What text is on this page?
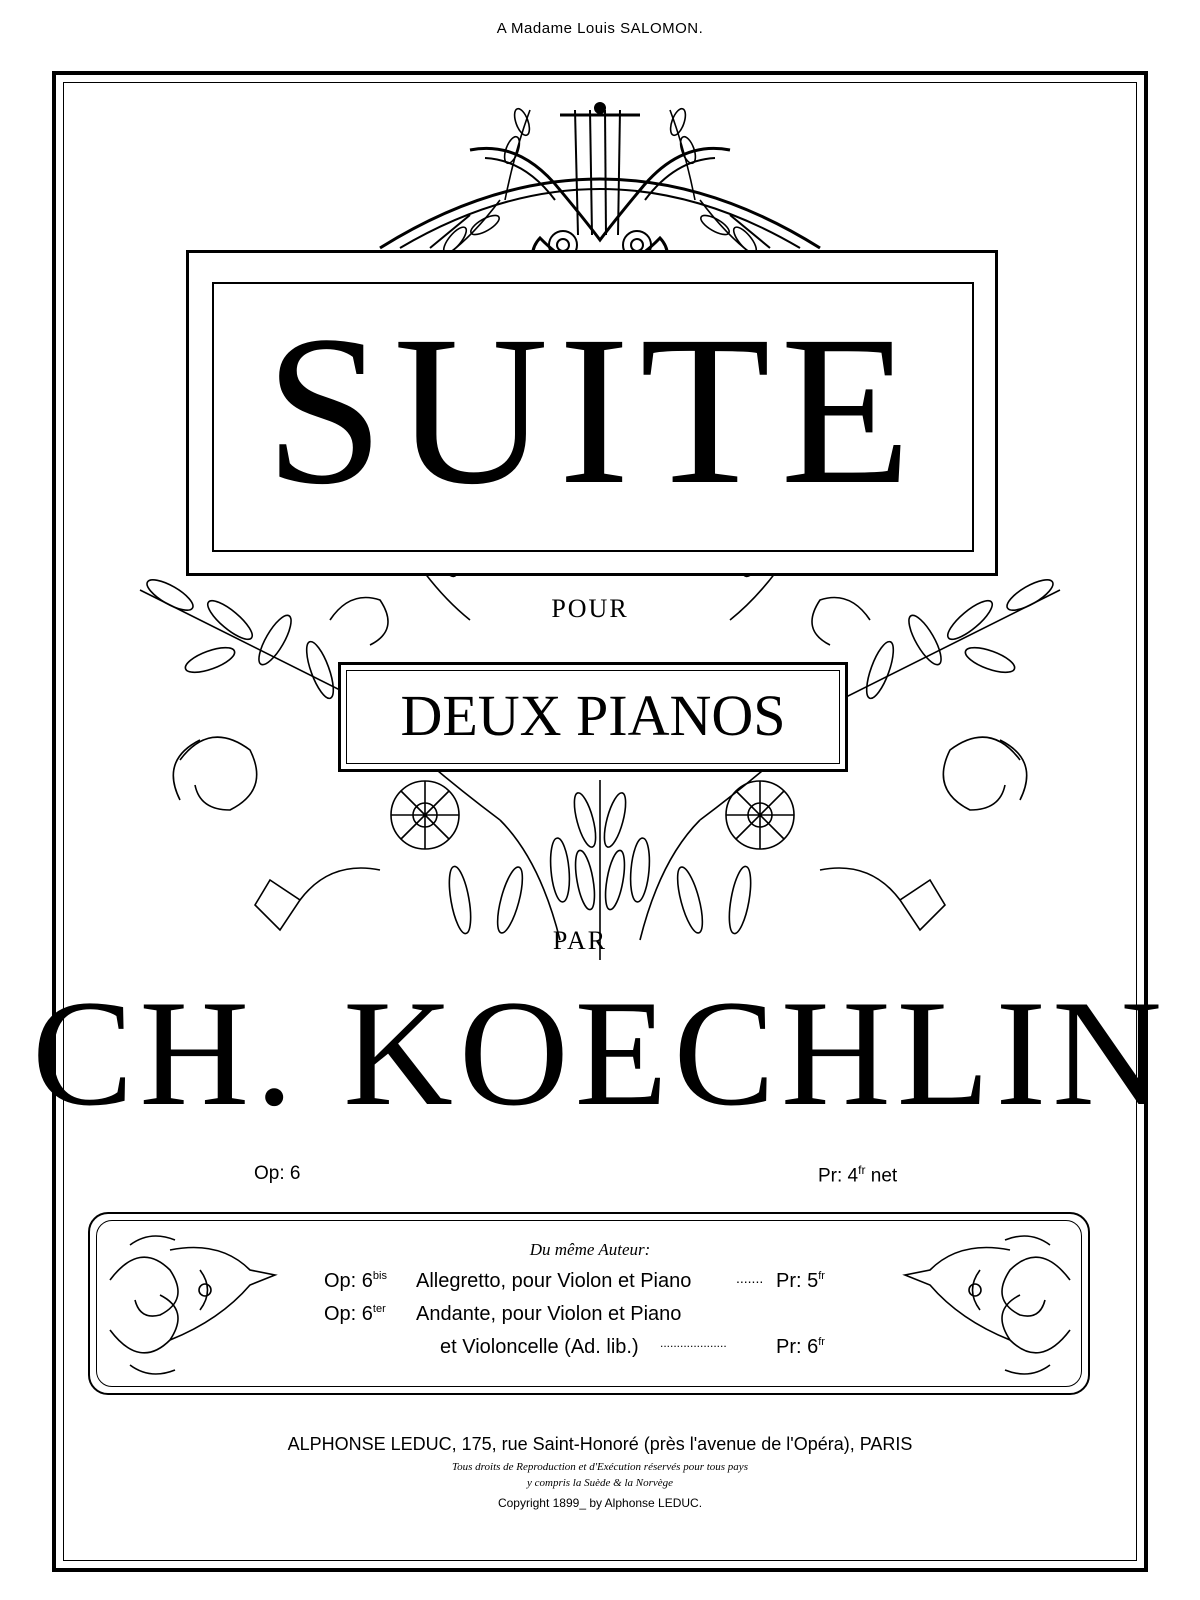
A Madame Louis SALOMON.
SUITE
POUR
DEUX PIANOS
PAR
CH. KOECHLIN
Op: 6	Pr: $4^{fr}$ net
Du même Auteur:
Op: $6^{bis}$ Allegretto, pour Violon et Piano	....... Pr: $5^{fr}$
Op: $6^{ter}$ Andante, pour Violon et Piano
et Violoncelle (Ad. lib.) .................... Pr: $6^{fr}$
ALPHONSE LEDUC, 175, rue Saint-Honoré (près l'avenue de l'Opéra), PARIS
Tous droits de Reproduction et d'Exécution réservés pour tous pays
y compris la Suède & la Norvège
Copyright 1899_ by Alphonse LEDUC.
